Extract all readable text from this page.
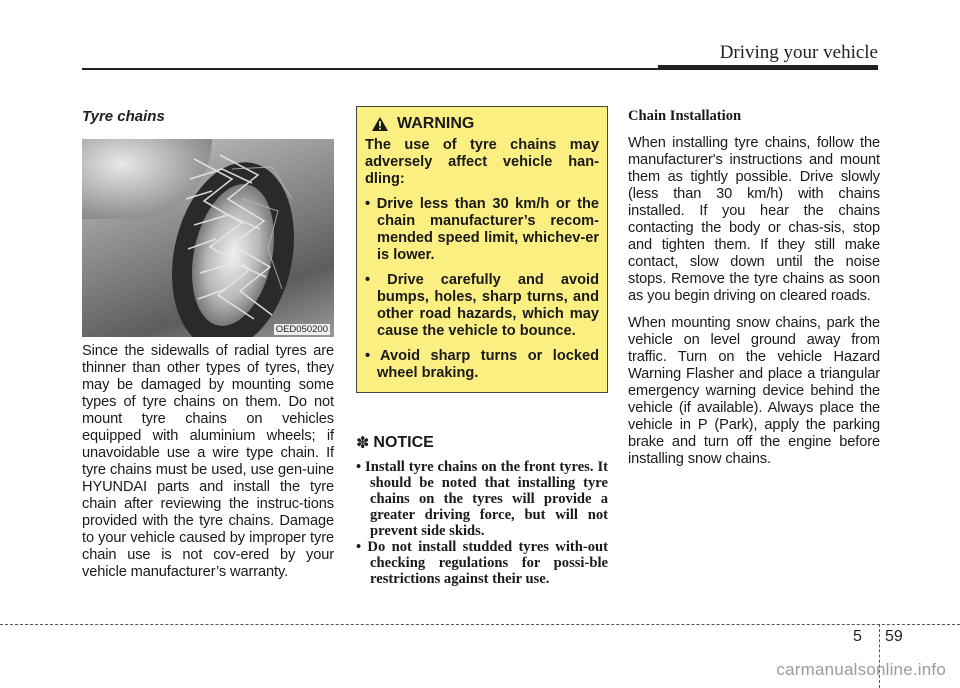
Driving your vehicle
Tyre chains
OED050200

Since the sidewalls of radial tyres are thinner than other types of tyres, they may be damaged by mounting some types of tyre chains on them. Do not mount tyre chains on vehicles equipped with aluminium wheels; if unavoidable use a wire type chain. If tyre chains must be used, use gen-uine HYUNDAI parts and install the tyre chain after reviewing the instruc-tions provided with the tyre chains. Damage to your vehicle caused by improper tyre chain use is not cov-ered by your vehicle manufacturer’s warranty.

WARNING

The use of tyre chains may adversely affect vehicle han-dling:

• Drive less than 30 km/h or the chain manufacturer’s recom-mended speed limit, whichev-er is lower.
• Drive carefully and avoid bumps, holes, sharp turns, and other road hazards, which may cause the vehicle to bounce.
• Avoid sharp turns or locked wheel braking.
✽ NOTICE
• Install tyre chains on the front tyres. It should be noted that installing tyre chains on the tyres will provide a greater driving force, but will not prevent side skids.
• Do not install studded tyres with-out checking regulations for possi-ble restrictions against their use.
Chain Installation

When installing tyre chains, follow the manufacturer's instructions and mount them as tightly possible. Drive slowly (less than 30 km/h) with chains installed. If you hear the chains contacting the body or chas-sis, stop and tighten them. If they still make contact, slow down until the noise stops. Remove the tyre chains as soon as you begin driving on cleared roads.

When mounting snow chains, park the vehicle on level ground away from traffic. Turn on the vehicle Hazard Warning Flasher and place a triangular emergency warning device behind the vehicle (if available). Always place the vehicle in P (Park), apply the parking brake and turn off the engine before installing snow chains.

5 59
carmanualsonline.info
